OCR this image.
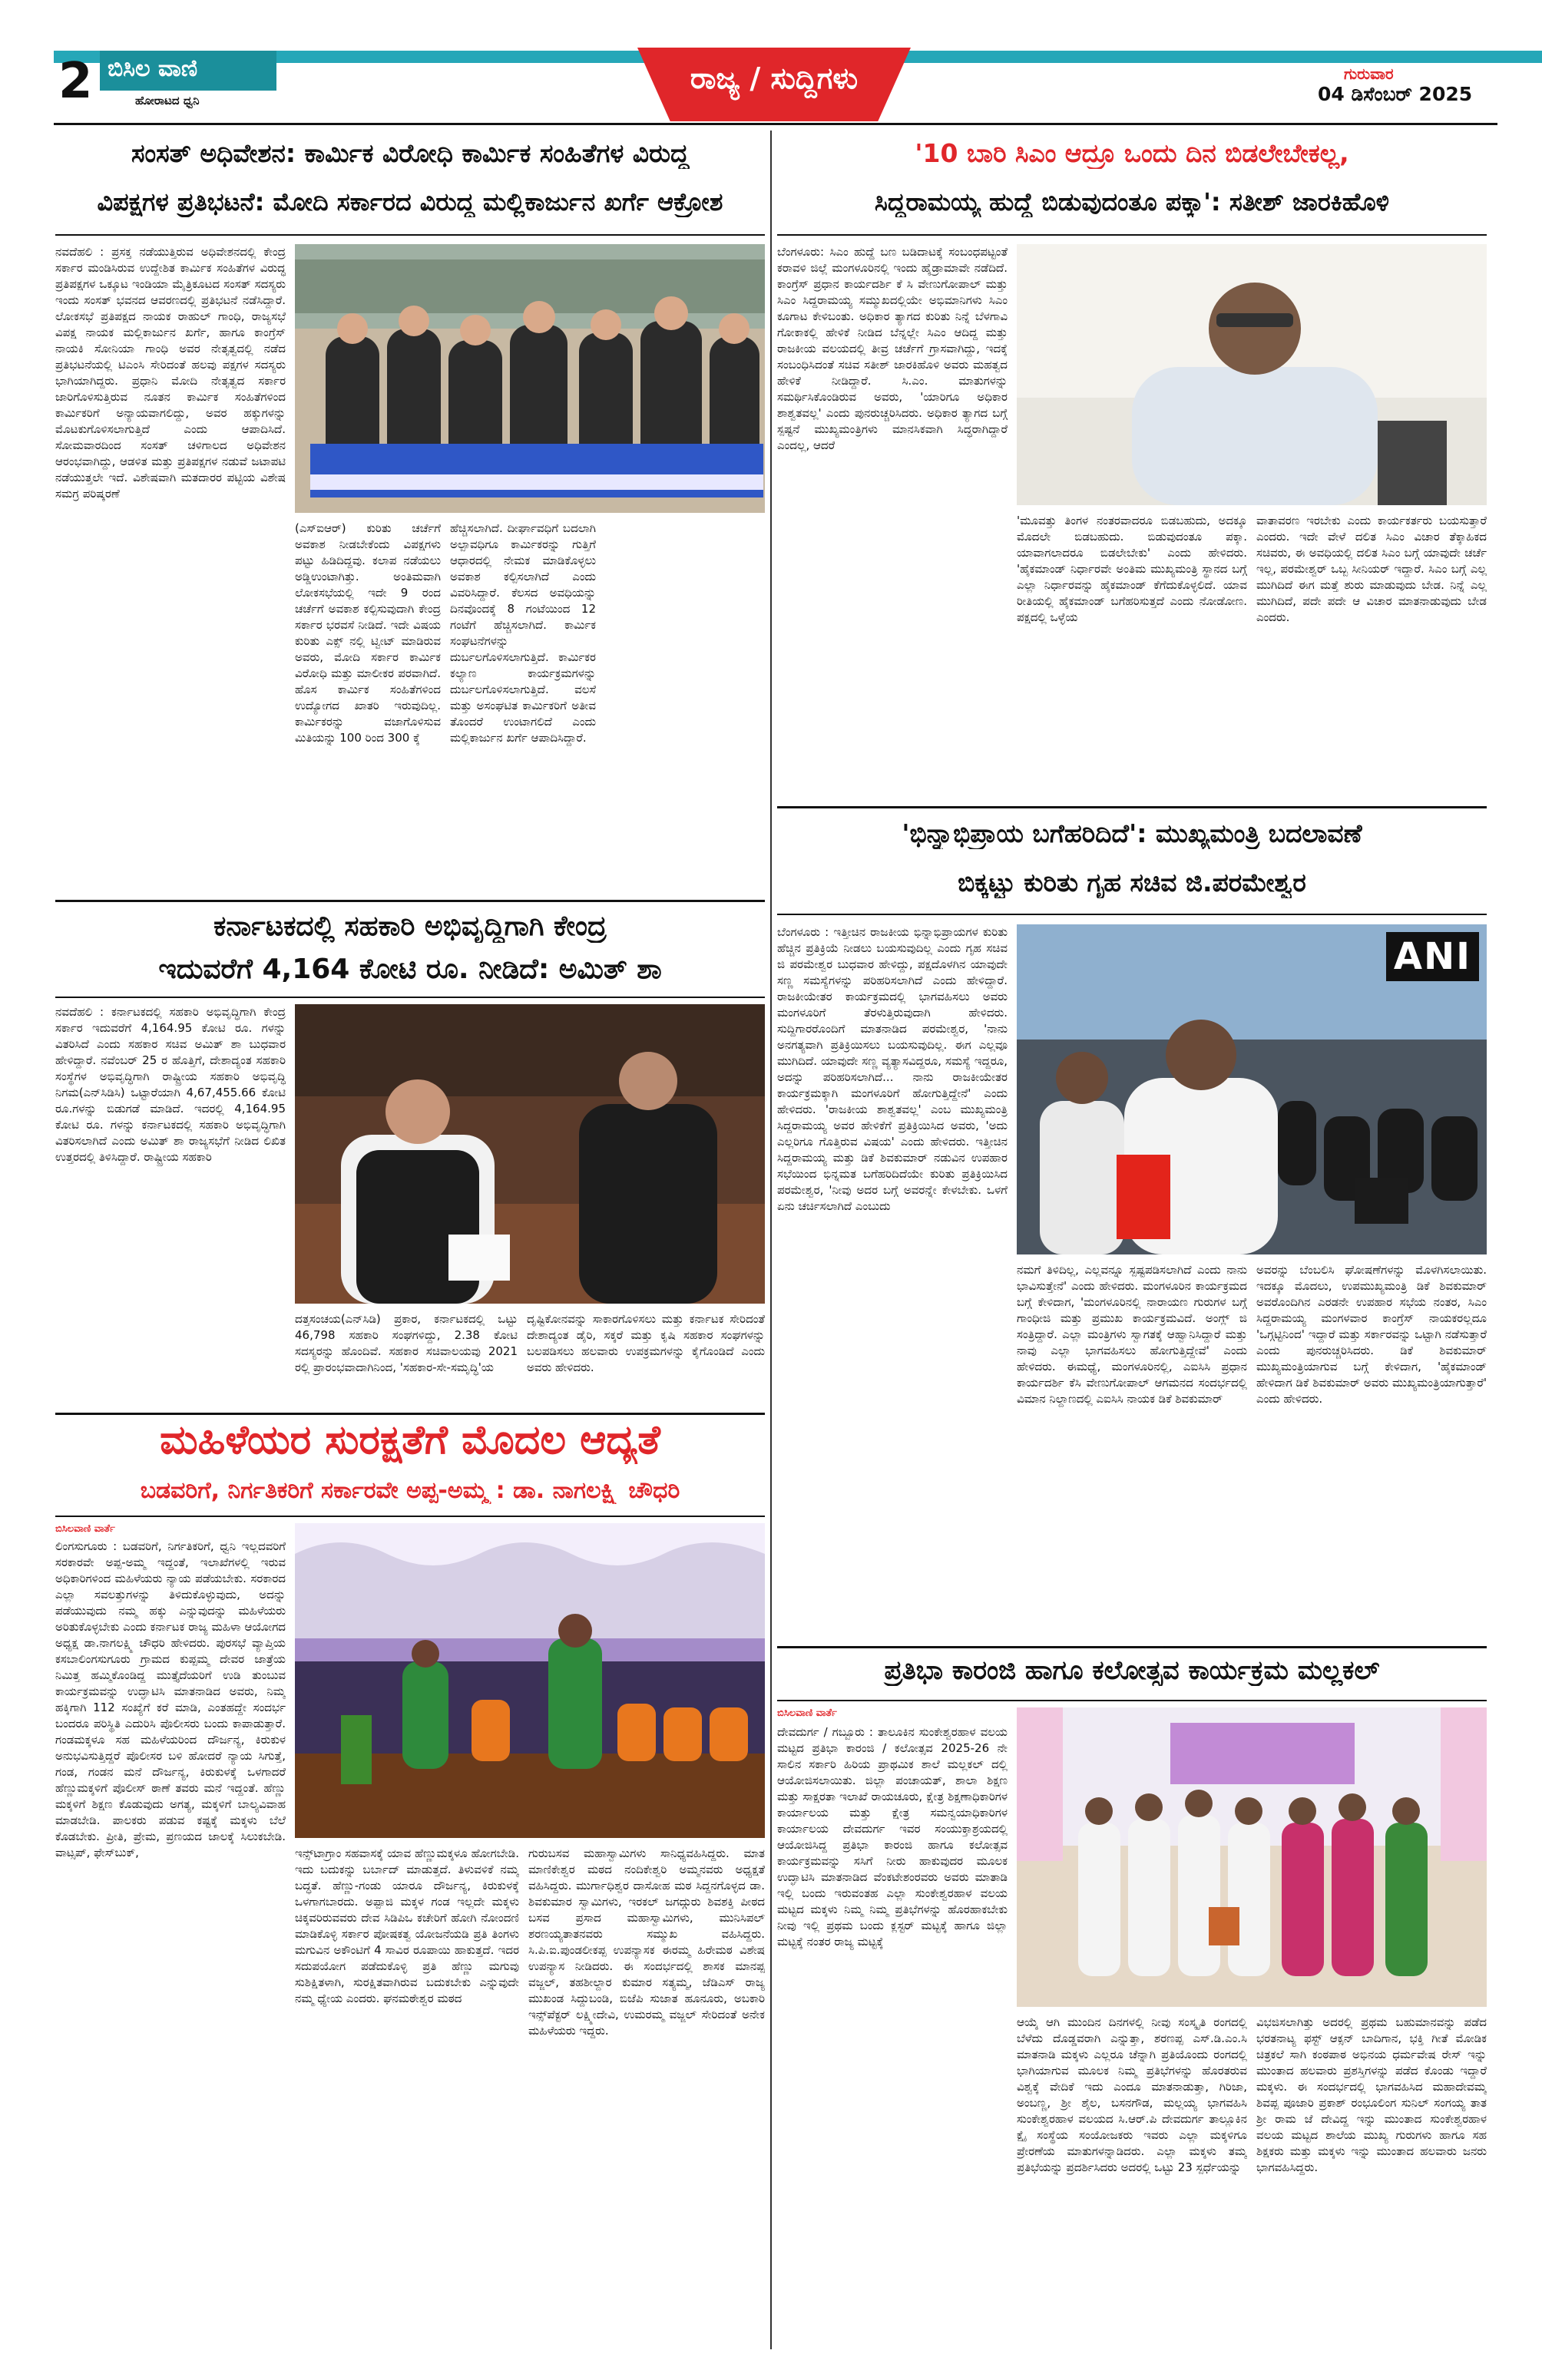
2 ಬಿಸಿಲ ವಾಣಿ
ಹೋರಾಟದ ಧ್ವನಿ
ರಾಜ್ಯ / ಸುದ್ದಿಗಳು	ಗುರುವಾರ
04 ಡಿಸೆಂಬರ್ 2025
ಸಂಸತ್ ಅಧಿವೇಶನ: ಕಾರ್ಮಿಕ ವಿರೋಧಿ ಕಾರ್ಮಿಕ ಸಂಹಿತೆಗಳ ವಿರುದ್ಧ
ವಿಪಕ್ಷಗಳ ಪ್ರತಿಭಟನೆ: ಮೋದಿ ಸರ್ಕಾರದ ವಿರುದ್ಧ ಮಲ್ಲಿಕಾರ್ಜುನ ಖರ್ಗೆ ಆಕ್ರೋಶ
ನವದೆಹಲಿ : ಪ್ರಸಕ್ತ ನಡೆಯುತ್ತಿರುವ ಅಧಿವೇಶನದಲ್ಲಿ ಕೇಂದ್ರ ಸರ್ಕಾರ ಮಂಡಿಸಿರುವ ಉದ್ದೇಶಿತ ಕಾರ್ಮಿಕ ಸಂಹಿತೆಗಳ ವಿರುದ್ಧ ಪ್ರತಿಪಕ್ಷಗಳ ಒಕ್ಕೂಟ ಇಂಡಿಯಾ ಮೈತ್ರಿಕೂಟದ ಸಂಸತ್ ಸದಸ್ಯರು ಇಂದು ಸಂಸತ್ ಭವನದ ಆವರಣದಲ್ಲಿ ಪ್ರತಿಭಟನೆ ನಡೆಸಿದ್ದಾರೆ. ಲೋಕಸಭೆ ಪ್ರತಿಪಕ್ಷದ ನಾಯಕ ರಾಹುಲ್ ಗಾಂಧಿ, ರಾಜ್ಯಸಭೆ ವಿಪಕ್ಷ ನಾಯಕ ಮಲ್ಲಿಕಾರ್ಜುನ ಖರ್ಗೆ, ಹಾಗೂ ಕಾಂಗ್ರೆಸ್ ನಾಯಕಿ ಸೋನಿಯಾ ಗಾಂಧಿ ಅವರ ನೇತೃತ್ವದಲ್ಲಿ ನಡೆದ ಪ್ರತಿಭಟನೆಯಲ್ಲಿ ಟಿಎಂಸಿ ಸೇರಿದಂತೆ ಹಲವು ಪಕ್ಷಗಳ ಸದಸ್ಯರು ಭಾಗಿಯಾಗಿದ್ದರು. ಪ್ರಧಾನಿ ಮೋದಿ ನೇತೃತ್ವದ ಸರ್ಕಾರ ಜಾರಿಗೊಳಿಸುತ್ತಿರುವ ನೂತನ ಕಾರ್ಮಿಕ ಸಂಹಿತೆಗಳಿಂದ ಕಾರ್ಮಿಕರಿಗೆ ಅನ್ಯಾಯವಾಗಲಿದ್ದು, ಅವರ ಹಕ್ಕುಗಳನ್ನು ಮೊಟಕುಗೊಳಿಸಲಾಗುತ್ತಿದೆ ಎಂದು ಆಪಾದಿಸಿದೆ. ಸೋಮವಾರದಿಂದ ಸಂಸತ್ ಚಳಿಗಾಲದ ಅಧಿವೇಶನ ಆರಂಭವಾಗಿದ್ದು, ಆಡಳಿತ ಮತ್ತು ಪ್ರತಿಪಕ್ಷಗಳ ನಡುವೆ ಜಟಾಪಟಿ ನಡೆಯುತ್ತಲೇ ಇದೆ. ವಿಶೇಷವಾಗಿ ಮತದಾರರ ಪಟ್ಟಿಯ ವಿಶೇಷ ಸಮಗ್ರ ಪರಿಷ್ಕರಣೆ
(ಎಸ್‌ಐಆರ್) ಕುರಿತು ಚರ್ಚೆಗೆ ಅವಕಾಶ ನೀಡಬೇಕೆಂದು ವಿಪಕ್ಷಗಳು ಪಟ್ಟು ಹಿಡಿದಿದ್ದವು. ಕಲಾಪ ನಡೆಯಲು ಅಡ್ಡಿಉಂಟಾಗಿತ್ತು. ಅಂತಿಮವಾಗಿ ಲೋಕಸಭೆಯಲ್ಲಿ ಇದೇ 9 ರಂದ ಚರ್ಚೆಗೆ ಅವಕಾಶ ಕಲ್ಪಿಸುವುದಾಗಿ ಕೇಂದ್ರ ಸರ್ಕಾರ ಭರವಸೆ ನೀಡಿದೆ. ಇದೇ ವಿಷಯ ಕುರಿತು ಎಕ್ಸ್ ನಲ್ಲಿ ಟ್ವೀಟ್ ಮಾಡಿರುವ ಅವರು, ಮೋದಿ ಸರ್ಕಾರ ಕಾರ್ಮಿಕ ವಿರೋಧಿ ಮತ್ತು ಮಾಲೀಕರ ಪರವಾಗಿದೆ. ಹೊಸ ಕಾರ್ಮಿಕ ಸಂಹಿತೆಗಳಿಂದ ಉದ್ಯೋಗದ ಖಾತರಿ ಇರುವುದಿಲ್ಲ. ಕಾರ್ಮಿಕರನ್ನು ವಜಾಗೊಳಿಸುವ ಮಿತಿಯನ್ನು 100 ರಿಂದ 300 ಕ್ಕೆ
ಹೆಚ್ಚಿಸಲಾಗಿದೆ. ದೀರ್ಘಾವಧಿಗೆ ಬದಲಾಗಿ ಅಲ್ಪಾವಧಿಗೂ ಕಾರ್ಮಿಕರನ್ನು ಗುತ್ತಿಗೆ ಆಧಾರದಲ್ಲಿ ನೇಮಕ ಮಾಡಿಕೊಳ್ಳಲು ಅವಕಾಶ ಕಲ್ಪಿಸಲಾಗಿದೆ ಎಂದು ವಿವರಿಸಿದ್ದಾರೆ. ಕೆಲಸದ ಅವಧಿಯನ್ನು ದಿನವೊಂದಕ್ಕೆ 8 ಗಂಟೆಯಿಂದ 12 ಗಂಟೆಗೆ ಹೆಚ್ಚಿಸಲಾಗಿದೆ. ಕಾರ್ಮಿಕ ಸಂಘಟನೆಗಳನ್ನು ದುರ್ಬಲಗೊಳಿಸಲಾಗುತ್ತಿದೆ. ಕಾರ್ಮಿಕರ ಕಲ್ಯಾಣ ಕಾರ್ಯಕ್ರಮಗಳನ್ನು ದುರ್ಬಲಗೊಳಿಸಲಾಗುತ್ತಿದೆ. ವಲಸೆ ಮತ್ತು ಅಸಂಘಟಿತ ಕಾರ್ಮಿಕರಿಗೆ ಅತೀವ ತೊಂದರೆ ಉಂಟಾಗಲಿದೆ ಎಂದು ಮಲ್ಲಿಕಾರ್ಜುನ ಖರ್ಗೆ ಆಪಾದಿಸಿದ್ದಾರೆ.
ಕರ್ನಾಟಕದಲ್ಲಿ ಸಹಕಾರಿ ಅಭಿವೃದ್ಧಿಗಾಗಿ ಕೇಂದ್ರ
ಇದುವರೆಗೆ 4,164 ಕೋಟಿ ರೂ. ನೀಡಿದೆ: ಅಮಿತ್ ಶಾ
ನವದೆಹಲಿ : ಕರ್ನಾಟಕದಲ್ಲಿ ಸಹಕಾರಿ ಅಭಿವೃದ್ಧಿಗಾಗಿ ಕೇಂದ್ರ ಸರ್ಕಾರ ಇದುವರೆಗೆ 4,164.95 ಕೋಟಿ ರೂ. ಗಳನ್ನು ವಿತರಿಸಿದೆ ಎಂದು ಸಹಕಾರ ಸಚಿವ ಅಮಿತ್ ಶಾ ಬುಧವಾರ ಹೇಳಿದ್ದಾರೆ. ನವೆಂಬರ್ 25 ರ ಹೊತ್ತಿಗೆ, ದೇಶಾದ್ಯಂತ ಸಹಕಾರಿ ಸಂಸ್ಥೆಗಳ ಅಭಿವೃದ್ಧಿಗಾಗಿ ರಾಷ್ಟ್ರೀಯ ಸಹಕಾರಿ ಅಭಿವೃದ್ಧಿ ನಿಗಮ(ಎನ್‌ಸಿಡಿಸಿ) ಒಟ್ಟಾರೆಯಾಗಿ 4,67,455.66 ಕೋಟಿ ರೂ.ಗಳನ್ನು ಬಿಡುಗಡೆ ಮಾಡಿದೆ. ಇದರಲ್ಲಿ 4,164.95 ಕೋಟಿ ರೂ. ಗಳನ್ನು ಕರ್ನಾಟಕದಲ್ಲಿ ಸಹಕಾರಿ ಅಭಿವೃದ್ಧಿಗಾಗಿ ವಿತರಿಸಲಾಗಿದೆ ಎಂದು ಅಮಿತ್ ಶಾ ರಾಜ್ಯಸಭೆಗೆ ನೀಡಿದ ಲಿಖಿತ ಉತ್ತರದಲ್ಲಿ ತಿಳಿಸಿದ್ದಾರೆ. ರಾಷ್ಟ್ರೀಯ ಸಹಕಾರಿ
ದತ್ತಸಂಚಯ(ಎನ್‌ಸಿಡಿ) ಪ್ರಕಾರ, ಕರ್ನಾಟಕದಲ್ಲಿ ಒಟ್ಟು 46,798 ಸಹಕಾರಿ ಸಂಘಗಳಿದ್ದು, 2.38 ಕೋಟಿ ಸದಸ್ಯರನ್ನು ಹೊಂದಿವೆ. ಸಹಕಾರ ಸಚಿವಾಲಯವು 2021 ರಲ್ಲಿ ಪ್ರಾರಂಭವಾದಾಗಿನಿಂದ, 'ಸಹಕಾರ-ಸೇ-ಸಮೃದ್ಧಿ'ಯ
ದೃಷ್ಟಿಕೋನವನ್ನು ಸಾಕಾರಗೊಳಿಸಲು ಮತ್ತು ಕರ್ನಾಟಕ ಸೇರಿದಂತೆ ದೇಶಾದ್ಯಂತ ಡೈರಿ, ಸಕ್ಕರೆ ಮತ್ತು ಕೃಷಿ ಸಹಕಾರ ಸಂಘಗಳನ್ನು ಬಲಪಡಿಸಲು ಹಲವಾರು ಉಪಕ್ರಮಗಳನ್ನು ಕೈಗೊಂಡಿದೆ ಎಂದು ಅವರು ಹೇಳಿದರು.
ಮಹಿಳೆಯರ ಸುರಕ್ಷತೆಗೆ ಮೊದಲ ಆದ್ಯತೆ
ಬಡವರಿಗೆ, ನಿರ್ಗತಿಕರಿಗೆ ಸರ್ಕಾರವೇ ಅಪ್ಪ-ಅಮ್ಮ : ಡಾ. ನಾಗಲಕ್ಷ್ಮಿ ಚೌಧರಿ
ಬಿಸಿಲವಾಣಿ ವಾರ್ತೆ
ಲಿಂಗಸುಗೂರು : ಬಡವರಿಗೆ, ನಿರ್ಗತಿಕರಿಗೆ, ಧ್ವನಿ ಇಲ್ಲದವರಿಗೆ ಸರಕಾರವೇ ಅಪ್ಪ-ಅಮ್ಮ ಇದ್ದಂತೆ, ಇಲಾಖೆಗಳಲ್ಲಿ ಇರುವ ಅಧಿಕಾರಿಗಳಿಂದ ಮಹಿಳೆಯರು ನ್ಯಾಯ ಪಡೆಯಬೇಕು. ಸರಕಾರದ ಎಲ್ಲಾ ಸವಲತ್ತುಗಳನ್ನು ತಿಳಿದುಕೊಳ್ಳುವುದು, ಅದನ್ನು ಪಡೆಯುವುದು ನಮ್ಮ ಹಕ್ಕು ಎನ್ನುವುದನ್ನು ಮಹಿಳೆಯರು ಅರಿತುಕೊಳ್ಳಬೇಕು ಎಂದು ಕರ್ನಾಟಕ ರಾಜ್ಯ ಮಹಿಳಾ ಆಯೋಗದ ಅಧ್ಯಕ್ಷ ಡಾ.ನಾಗಲಕ್ಷ್ಮಿ ಚೌಧರಿ ಹೇಳಿದರು. ಪುರಸಭೆ ವ್ಯಾಪ್ತಿಯ ಕಸಬಾಲಿಂಗಸುಗೂರು ಗ್ರಾಮದ ಕುಪ್ಪಮ್ಮ ದೇವರ ಜಾತ್ರೆಯ ನಿಮಿತ್ತ ಹಮ್ಮಿಕೊಂಡಿದ್ದ ಮುತ್ತೈದೆಯರಿಗೆ ಉಡಿ ತುಂಬುವ ಕಾರ್ಯಕ್ರಮವನ್ನು ಉದ್ಘಾಟಿಸಿ ಮಾತನಾಡಿದ ಅವರು, ನಿಮ್ಮ ಹಕ್ಕಿಗಾಗಿ 112 ಸಂಖ್ಯೆಗೆ ಕರೆ ಮಾಡಿ, ಎಂತಹದ್ದೇ ಸಂದರ್ಭ ಬಂದರೂ ಪರಿಸ್ಥಿತಿ ಎದುರಿಸಿ ಪೊಲೀಸರು ಬಂದು ಕಾಪಾಡುತ್ತಾರೆ. ಗಂಡಮಕ್ಕಳೂ ಸಹ ಮಹಿಳೆಯರಿಂದ ದೌರ್ಜನ್ಯ, ಕಿರುಕುಳ ಅನುಭವಿಸುತ್ತಿದ್ದರೆ ಪೊಲೀಸರ ಬಳಿ ಹೋದರೆ ನ್ಯಾಯ ಸಿಗುತ್ತೆ, ಗಂಡ, ಗಂಡನ ಮನೆ ದೌರ್ಜನ್ಯ, ಕಿರುಕುಳಕ್ಕೆ ಒಳಗಾದರೆ ಹೆಣ್ಣುಮಕ್ಕಳಿಗೆ ಪೊಲೀಸ್ ಠಾಣೆ ತವರು ಮನೆ ಇದ್ದಂತೆ. ಹೆಣ್ಣು ಮಕ್ಕಳಿಗೆ ಶಿಕ್ಷಣ ಕೊಡುವುದು ಅಗತ್ಯ, ಮಕ್ಕಳಿಗೆ ಬಾಲ್ಯವಿವಾಹ ಮಾಡಬೇಡಿ. ಪಾಲಕರು ಪಡುವ ಕಷ್ಟಕ್ಕೆ ಮಕ್ಕಳು ಬೆಲೆ ಕೊಡಬೇಕು. ಪ್ರೀತಿ, ಪ್ರೇಮ, ಪ್ರಣಯದ ಜಾಲಕ್ಕೆ ಸಿಲುಕಬೇಡಿ. ವಾಟ್ಸಪ್, ಫೇಸ್‌ಬುಕ್,	ಇನ್ಸ್‌ಟಾಗ್ರಾಂ ಸಹವಾಸಕ್ಕೆ ಯಾವ ಹೆಣ್ಣುಮಕ್ಕಳೂ ಹೋಗಬೇಡಿ. ಇದು ಬದುಕನ್ನು ಬರ್ಬಾದ್ ಮಾಡುತ್ತದೆ. ತಿಳುವಳಿಕೆ ನಮ್ಮ ಬದ್ಧತೆ. ಹೆಣ್ಣು-ಗಂಡು ಯಾರೂ ದೌರ್ಜನ್ಯ, ಕಿರುಕುಳಕ್ಕೆ ಒಳಗಾಗಬಾರದು. ಅಪ್ಪಾಜಿ ಮಕ್ಕಳ ಗಂಡ ಇಲ್ಲದೇ ಮಕ್ಕಳು ಚಿಕ್ಕವರಿರುವವರು ದೇವ ಸಿಡಿಪಿಒ ಕಚೇರಿಗೆ ಹೋಗಿ ನೋಂದಣಿ ಮಾಡಿಕೊಳ್ಳಿ ಸರ್ಕಾರ ಪೋಷಕತ್ವ ಯೋಜನೆಯಡಿ ಪ್ರತಿ ತಿಂಗಳು ಮಗುವಿನ ಅಕೌಂಟಿಗೆ 4 ಸಾವಿರ ರೂಪಾಯಿ ಹಾಕುತ್ತದೆ. ಇದರ ಸದುಪಯೋಗ ಪಡೆದುಕೊಳ್ಳಿ ಪ್ರತಿ ಹೆಣ್ಣು ಮಗುವು ಸುಶಿಕ್ಷಿತಳಾಗಿ, ಸುರಕ್ಷಿತವಾಗಿರುವ ಬದುಕಬೇಕು ಎನ್ನುವುದೇ ನಮ್ಮ ಧ್ಯೇಯ ಎಂದರು. ಘನಮಠೇಶ್ವರ ಮಠದ
ಗುರುಬಸವ ಮಹಾಸ್ವಾಮಿಗಳು ಸಾನಿಧ್ಯವಹಿಸಿದ್ದರು. ಮಾತ ಮಾಣಿಕೇಶ್ವರ ಮಠದ ನಂದಿಕೇಶ್ವರಿ ಅಮ್ಮನವರು ಅಧ್ಯಕ್ಷತೆ ವಹಿಸಿದ್ದರು. ಮುರ್ಗಾಧಿಶ್ವರ ದಾಸೋಹ ಮಠ ಸಿದ್ದನಗೊಳ್ಳದ ಡಾ. ಶಿವಕುಮಾರ ಸ್ವಾಮಿಗಳು, ಇರಕಲ್ ಜಗದ್ಗುರು ಶಿವಶಕ್ತಿ ಪೀಠದ ಬಸವ ಪ್ರಸಾದ ಮಹಾಸ್ವಾಮಿಗಳು, ಮುನಿಸಿಪಲ್ ಶರಣಯ್ಯತಾತನವರು ಸಮ್ಮುಖ ವಹಿಸಿದ್ದರು. ಸಿ.ಪಿ.ಐ.ಪುಂಡಲೀಕಪ್ಪ ಉಪನ್ಯಾಸಕ ಈರಮ್ಮ ಹಿರೇಮಠ ವಿಶೇಷ ಉಪನ್ಯಾಸ ನೀಡಿದರು. ಈ ಸಂದರ್ಭದಲ್ಲಿ ಶಾಸಕ ಮಾನಪ್ಪ ವಜ್ಜಲ್, ತಹಶೀಲ್ದಾರ ಕುಮಾರ ಸತ್ಯಮ್ಮ, ಜೆಡಿಎಸ್ ರಾಜ್ಯ ಮುಖಂಡ ಸಿದ್ದುಬಂಡಿ, ಬಿಜೆಪಿ ಸುಜಾತ ಹೂನೂರು, ಅಬಕಾರಿ ಇನ್ಸ್‌ಪೆಕ್ಟರ್ ಲಕ್ಷ್ಮೀದೇವಿ, ಉಮರಮ್ಮ ವಜ್ಜಲ್ ಸೇರಿದಂತೆ ಅನೇಕ ಮಹಿಳೆಯರು ಇದ್ದರು.
'10 ಬಾರಿ ಸಿಎಂ ಆದ್ರೂ ಒಂದು ದಿನ ಬಿಡಲೇಬೇಕಲ್ಲ,
ಸಿದ್ದರಾಮಯ್ಯ ಹುದ್ದೆ ಬಿಡುವುದಂತೂ ಪಕ್ಕಾ': ಸತೀಶ್ ಜಾರಕಿಹೊಳಿ
ಬೆಂಗಳೂರು: ಸಿಎಂ ಹುದ್ದೆ ಬಣ ಬಡಿದಾಟಕ್ಕೆ ಸಂಬಂಧಪಟ್ಟಂತೆ ಕರಾವಳಿ ಜಿಲ್ಲೆ ಮಂಗಳೂರಿನಲ್ಲಿ ಇಂದು ಹೈಡ್ರಾಮಾವೇ ನಡೆದಿದೆ. ಕಾಂಗ್ರೆಸ್ ಪ್ರಧಾನ ಕಾರ್ಯದರ್ಶಿ ಕೆ ಸಿ ವೇಣುಗೋಪಾಲ್ ಮತ್ತು ಸಿಎಂ ಸಿದ್ದರಾಮಯ್ಯ ಸಮ್ಮುಖದಲ್ಲಿಯೇ ಅಭಿಮಾನಿಗಳು ಸಿಎಂ ಕೂಗಾಟ ಕೇಳಿಬಂತು. ಅಧಿಕಾರ ತ್ಯಾಗದ ಕುರಿತು ನಿನ್ನೆ ಬೆಳಗಾವಿ ಗೋಕಾಕಲ್ಲಿ ಹೇಳಿಕೆ ನೀಡಿದ ಬೆನ್ನಲ್ಲೇ ಸಿಎಂ ಆದಿದ್ದ ಮತ್ತು ರಾಜಕೀಯ ವಲಯದಲ್ಲಿ ತೀವ್ರ ಚರ್ಚೆಗೆ ಗ್ರಾಸವಾಗಿದ್ದು, ಇದಕ್ಕೆ ಸಂಬಂಧಿಸಿದಂತೆ ಸಚಿವ ಸತೀಶ್ ಜಾರಕಿಹೊಳಿ ಅವರು ಮಹತ್ವದ ಹೇಳಿಕೆ ನೀಡಿದ್ದಾರೆ. ಸಿ.ಎಂ. ಮಾತುಗಳನ್ನು ಸಮರ್ಥಿಸಿಕೊಂಡಿರುವ ಅವರು, 'ಯಾರಿಗೂ ಅಧಿಕಾರ ಶಾಶ್ವತವಲ್ಲ' ಎಂದು ಪುನರುಚ್ಚರಿಸಿದರು. ಅಧಿಕಾರ ತ್ಯಾಗದ ಬಗ್ಗೆ ಸ್ಪಷ್ಟನೆ ಮುಖ್ಯಮಂತ್ರಿಗಳು ಮಾನಸಿಕವಾಗಿ ಸಿದ್ಧರಾಗಿದ್ದಾರೆ ಎಂದಲ್ಲ, ಆದರೆ
'ಮೂವತ್ತು ತಿಂಗಳ ನಂತರವಾದರೂ ಬಿಡಬಹುದು, ಅದಕ್ಕೂ ಮೊದಲೇ ಬಿಡಬಹುದು. ಬಿಡುವುದಂತೂ ಪಕ್ಕಾ. ಯಾವಾಗಲಾದರೂ ಬಿಡಲೇಬೇಕು' ಎಂದು ಹೇಳಿದರು. 'ಹೈಕಮಾಂಡ್ ನಿರ್ಧಾರವೇ ಅಂತಿಮ ಮುಖ್ಯಮಂತ್ರಿ ಸ್ಥಾನದ ಬಗ್ಗೆ ಎಲ್ಲಾ ನಿರ್ಧಾರವನ್ನು ಹೈಕಮಾಂಡ್ ಕೆಗೆದುಕೊಳ್ಳಲಿದೆ. ಯಾವ ರೀತಿಯಲ್ಲಿ ಹೈಕಮಾಂಡ್ ಬಗೆಹರಿಸುತ್ತದೆ ಎಂದು ನೋಡೋಣ. ಪಕ್ಷದಲ್ಲಿ ಒಳ್ಳೆಯ
ವಾತಾವರಣ ಇರಬೇಕು ಎಂದು ಕಾರ್ಯಕರ್ತರು ಬಯಸುತ್ತಾರೆ ಎಂದರು. ಇದೇ ವೇಳೆ ದಲಿತ ಸಿಎಂ ವಿಚಾರ ತೆಕ್ಕಾಹಿಕದ ಸಚಿವರು, ಈ ಅವಧಿಯಲ್ಲಿ ದಲಿತ ಸಿಎಂ ಬಗ್ಗೆ ಯಾವುದೇ ಚರ್ಚೆ ಇಲ್ಲ, ಪರಮೇಶ್ವರ್ ಒಬ್ಬ ಸೀನಿಯರ್ ಇದ್ದಾರೆ. ಸಿಎಂ ಬಗ್ಗೆ ಎಲ್ಲ ಮುಗಿದಿದೆ ಈಗ ಮತ್ತೆ ಶುರು ಮಾಡುವುದು ಬೇಡ. ನಿನ್ನೆ ಎಲ್ಲ ಮುಗಿದಿದೆ, ಪದೇ ಪದೇ ಆ ವಿಚಾರ ಮಾತನಾಡುವುದು ಬೇಡ ಎಂದರು.
'ಭಿನ್ನಾಭಿಪ್ರಾಯ ಬಗೆಹರಿದಿದೆ': ಮುಖ್ಯಮಂತ್ರಿ ಬದಲಾವಣೆ
ಬಿಕ್ಕಟ್ಟು ಕುರಿತು ಗೃಹ ಸಚಿವ ಜಿ.ಪರಮೇಶ್ವರ
ಬೆಂಗಳೂರು : ಇತ್ತೀಚಿನ ರಾಜಕೀಯ ಭಿನ್ನಾಭಿಪ್ರಾಯಗಳ ಕುರಿತು ಹೆಚ್ಚಿನ ಪ್ರತಿಕ್ರಿಯೆ ನೀಡಲು ಬಯಸುವುದಿಲ್ಲ ಎಂದು ಗೃಹ ಸಚಿವ ಜಿ ಪರಮೇಶ್ವರ ಬುಧವಾರ ಹೇಳಿದ್ದು, ಪಕ್ಷದೊಳಗಿನ ಯಾವುದೇ ಸಣ್ಣ ಸಮಸ್ಯೆಗಳನ್ನು ಪರಿಹರಿಸಲಾಗಿದೆ ಎಂದು ಹೇಳಿದ್ದಾರೆ. ರಾಜಕೀಯೇತರ ಕಾರ್ಯಕ್ರಮದಲ್ಲಿ ಭಾಗವಹಿಸಲು ಅವರು ಮಂಗಳೂರಿಗೆ ತೆರಳುತ್ತಿರುವುದಾಗಿ ಹೇಳಿದರು. ಸುದ್ದಿಗಾರರೊಂದಿಗೆ ಮಾತನಾಡಿದ ಪರಮೇಶ್ವರ, 'ನಾನು ಅನಗತ್ಯವಾಗಿ ಪ್ರತಿಕ್ರಿಯಿಸಲು ಬಯಸುವುದಿಲ್ಲ. ಈಗ ಎಲ್ಲವೂ ಮುಗಿದಿದೆ. ಯಾವುದೇ ಸಣ್ಣ ವ್ಯತ್ಯಾಸವಿದ್ದರೂ, ಸಮಸ್ಯೆ ಇದ್ದರೂ, ಅದನ್ನು ಪರಿಹರಿಸಲಾಗಿದೆ... ನಾನು ರಾಜಕೀಯೇತರ ಕಾರ್ಯಕ್ರಮಕ್ಕಾಗಿ ಮಂಗಳೂರಿಗೆ ಹೋಗುತ್ತಿದ್ದೇನೆ' ಎಂದು ಹೇಳಿದರು. 'ರಾಜಕೀಯ ಶಾಶ್ವತವಲ್ಲ' ಎಂಬ ಮುಖ್ಯಮಂತ್ರಿ ಸಿದ್ದರಾಮಯ್ಯ ಅವರ ಹೇಳಿಕೆಗೆ ಪ್ರತಿಕ್ರಿಯಿಸಿದ ಅವರು, 'ಅದು ಎಲ್ಲರಿಗೂ ಗೊತ್ತಿರುವ ವಿಷಯ' ಎಂದು ಹೇಳಿದರು. ಇತ್ತೀಚಿನ ಸಿದ್ದರಾಮಯ್ಯ ಮತ್ತು ಡಿಕೆ ಶಿವಕುಮಾರ್ ನಡುವಿನ ಉಪಹಾರ ಸಭೆಯಿಂದ ಭಿನ್ನಮತ ಬಗೆಹರಿದಿದೆಯೇ ಕುರಿತು ಪ್ರತಿಕ್ರಿಯಿಸಿದ ಪರಮೇಶ್ವರ, 'ನೀವು ಅದರ ಬಗ್ಗೆ ಅವರನ್ನೇ ಕೇಳಬೇಕು. ಒಳಗೆ ಏನು ಚರ್ಚಿಸಲಾಗಿದೆ ಎಂಬುದು
ANI
ನಮಗೆ ತಿಳಿದಿಲ್ಲ, ಎಲ್ಲವನ್ನೂ ಸ್ಪಷ್ಟಪಡಿಸಲಾಗಿದೆ ಎಂದು ನಾನು ಭಾವಿಸುತ್ತೇನೆ' ಎಂದು ಹೇಳಿದರು. ಮಂಗಳೂರಿನ ಕಾರ್ಯಕ್ರಮದ ಬಗ್ಗೆ ಕೇಳಿದಾಗ, 'ಮಂಗಳೂರಿನಲ್ಲಿ ನಾರಾಯಣ ಗುರುಗಳ ಬಗ್ಗೆ ಗಾಂಧೀಜಿ ಮತ್ತು ಪ್ರಮುಖ ಕಾರ್ಯಕ್ರಮವಿದೆ. ಅಂಗ್ಲ್ ಜಿ ಸಂತ್ರಿದ್ದಾರೆ. ಎಲ್ಲಾ ಮಂತ್ರಿಗಳು ಸ್ವಾಗತಕ್ಕೆ ಆಹ್ವಾನಿಸಿದ್ದಾರೆ ಮತ್ತು ನಾವು ಎಲ್ಲಾ ಭಾಗವಹಿಸಲು ಹೋಗುತ್ತಿದ್ದೇವೆ' ಎಂದು ಹೇಳಿದರು. ಈಮಧ್ಯೆ, ಮಂಗಳೂರಿನಲ್ಲಿ, ಎಐಸಿಸಿ ಪ್ರಧಾನ ಕಾರ್ಯದರ್ಶಿ ಕೆಸಿ ವೇಣುಗೋಪಾಲ್ ಆಗಮನದ ಸಂದರ್ಭದಲ್ಲಿ ವಿಮಾನ ನಿಲ್ದಾಣದಲ್ಲಿ ಎಐಸಿಸಿ ನಾಯಕ ಡಿಕೆ ಶಿವಕುಮಾರ್
ಅವರನ್ನು ಬೆಂಬಲಿಸಿ ಘೋಷಣೆಗಳನ್ನು ಮೊಳಗಿಸಲಾಯಿತು. ಇದಕ್ಕೂ ಮೊದಲು, ಉಪಮುಖ್ಯಮಂತ್ರಿ ಡಿಕೆ ಶಿವಕುಮಾರ್ ಅವರೊಂದಿಗಿನ ಎರಡನೇ ಉಪಹಾರ ಸಭೆಯ ನಂತರ, ಸಿಎಂ ಸಿದ್ದರಾಮಯ್ಯ ಮಂಗಳವಾರ ಕಾಂಗ್ರೆಸ್ ನಾಯಕರಲ್ಲದೂ 'ಒಗ್ಗಟ್ಟಿನಿಂದ' ಇದ್ದಾರೆ ಮತ್ತು ಸರ್ಕಾರವನ್ನು ಒಟ್ಟಾಗಿ ನಡೆಸುತ್ತಾರೆ ಎಂದು ಪುನರುಚ್ಚರಿಸಿದರು. ಡಿಕೆ ಶಿವಕುಮಾರ್ ಮುಖ್ಯಮಂತ್ರಿಯಾಗುವ ಬಗ್ಗೆ ಕೇಳಿದಾಗ, 'ಹೈಕಮಾಂಡ್ ಹೇಳಿದಾಗ ಡಿಕೆ ಶಿವಕುಮಾರ್ ಅವರು ಮುಖ್ಯಮಂತ್ರಿಯಾಗುತ್ತಾರೆ' ಎಂದು ಹೇಳಿದರು.
ಪ್ರತಿಭಾ ಕಾರಂಜಿ ಹಾಗೂ ಕಲೋತ್ಸವ ಕಾರ್ಯಕ್ರಮ ಮಲ್ಲಕಲ್
ಬಿಸಿಲವಾಣಿ ವಾರ್ತೆ
ದೇವದುರ್ಗ / ಗಬ್ಬೂರು : ತಾಲೂಕಿನ ಸುಂಕೇಶ್ವರಹಾಳ ವಲಯ ಮಟ್ಟದ ಪ್ರತಿಭಾ ಕಾರಂಜಿ / ಕಲೋತ್ಸವ 2025-26 ನೇ ಸಾಲಿನ ಸರ್ಕಾರಿ ಹಿರಿಯ ಪ್ರಾಥಮಿಕ ಶಾಲೆ ಮಲ್ಲಕಲ್ ದಲ್ಲಿ ಆಯೋಜಿಸಲಾಯಿತು. ಜಿಲ್ಲಾ ಪಂಚಾಯತ್, ಶಾಲಾ ಶಿಕ್ಷಣ ಮತ್ತು ಸಾಕ್ಷರತಾ ಇಲಾಖೆ ರಾಯಚೂರು, ಕ್ಷೇತ್ರ ಶಿಕ್ಷಣಾಧಿಕಾರಿಗಳ ಕಾರ್ಯಾಲಯ ಮತ್ತು ಕ್ಷೇತ್ರ ಸಮನ್ವಯಾಧಿಕಾರಿಗಳ ಕಾರ್ಯಾಲಯ ದೇವದುರ್ಗ ಇವರ ಸಂಯುಕ್ತಾಶ್ರಯದಲ್ಲಿ ಆಯೋಜಿಸಿದ್ದ ಪ್ರತಿಭಾ ಕಾರಂಜಿ ಹಾಗೂ ಕಲೋತ್ಸವ ಕಾರ್ಯಕ್ರಮವನ್ನು ಸಸಿಗೆ ನೀರು ಹಾಕುವುದರ ಮೂಲಕ ಉದ್ಘಾಟಿಸಿ ಮಾತನಾಡಿದ ವೆಂಕಟೇಶಂರವರು ಅವರು ಮಾತಾಡಿ ಇಲ್ಲಿ ಬಂದು ಇರುವಂತಹ ಎಲ್ಲಾ ಸುಂಕೇಶ್ವರಹಾಳ ವಲಯ ಮಟ್ಟದ ಮಕ್ಕಳು ನಿಮ್ಮ ನಿಮ್ಮ ಪ್ರತಿಭೆಗಳನ್ನು ಹೊರಹಾಕಬೇಕು ನೀವು ಇಲ್ಲಿ ಪ್ರಥಮ ಬಂದು ಕ್ಲಸ್ಟರ್ ಮಟ್ಟಕ್ಕೆ ಹಾಗೂ ಜಿಲ್ಲಾ ಮಟ್ಟಕ್ಕೆ ನಂತರ ರಾಜ್ಯ ಮಟ್ಟಕ್ಕೆ
ಆಯ್ಕೆ ಆಗಿ ಮುಂದಿನ ದಿನಗಳಲ್ಲಿ ನೀವು ಸಂಸ್ಕೃತಿ ರಂಗದಲ್ಲಿ ಬೆಳೆದು ದೊಡ್ಡವರಾಗಿ ಎನ್ನುತ್ತಾ, ಶರಣಪ್ಪ ಎಸ್.ಡಿ.ಎಂ.ಸಿ ಮಾತನಾಡಿ ಮಕ್ಕಳು ಎಲ್ಲರೂ ಚೆನ್ನಾಗಿ ಪ್ರತಿಯೊಂದು ರಂಗದಲ್ಲಿ ಭಾಗಿಯಾಗುವ ಮೂಲಕ ನಿಮ್ಮ ಪ್ರತಿಭೆಗಳನ್ನು ಹೊರತರುವ ವಿಶ್ವಕ್ಕೆ ವೇದಿಕೆ ಇದು ಎಂದೂ ಮಾತನಾಡುತ್ತಾ, ಗಿರಿಜಾ, ಅಂಬಣ್ಣ, ಶ್ರೀ ಶೈಲ, ಬಸನಗೌಡ, ಮಲ್ಲಯ್ಯ ಭಾಗವಹಿಸಿ ಸುಂಕೇಶ್ವರಹಾಳ ವಲಯದ ಸಿ.ಆರ್.ಪಿ ದೇವದುರ್ಗ ತಾಲ್ಲೂಕಿನ ಕ್ಷೈ ಸಂಸ್ಥೆಯ ಸಂಯೋಜಕರು ಇವರು ಎಲ್ಲಾ ಮಕ್ಕಳಿಗೂ ಪ್ರೇರಣೆಯ ಮಾತುಗಳನ್ನಾಡಿದರು. ಎಲ್ಲಾ ಮಕ್ಕಳು ತಮ್ಮ ಪ್ರತಿಭೆಯನ್ನು ಪ್ರದರ್ಶಿಸಿದರು ಅದರಲ್ಲಿ ಒಟ್ಟು 23 ಸ್ಪರ್ಧೆಯನ್ನು
ವಿಭಜಿಸಲಾಗಿತ್ತು ಅದರಲ್ಲಿ ಪ್ರಥಮ ಬಹುಮಾನವನ್ನು ಪಡೆದ ಭರತನಾಟ್ಯ ಫಸ್ಟ್ ಆಕ್ಸನ್ ಬಾದಿಗಾನ, ಭಕ್ತಿ ಗೀತೆ ಮೋಡಿಕ ಚಿತ್ರಕಲೆ ಸಾಗಿ ಕಂಠಪಾಠ ಅಭಿನಯ ಧರ್ಮವೇಷ ರೇಸ್ ಇನ್ನು ಮುಂತಾದ ಹಲವಾರು ಪ್ರಶಸ್ತಿಗಳನ್ನು ಪಡೆದ ಕೊಂಡು ಇದ್ದಾರೆ ಮಕ್ಕಳು. ಈ ಸಂದರ್ಭದಲ್ಲಿ ಭಾಗವಹಿಸಿದ ಮಹಾದೇವಮ್ಮ ಶಿವಪ್ಪ ಪೂಜಾರಿ ಪ್ರಕಾಶ್ ರಂಭೂಲಿಂಗ ಸುನಿಲ್ ಸಂಗಯ್ಯ ತಾತ ಶ್ರೀ ರಾಮ ಜೆ ದೇವಿದ್ದ ಇನ್ನು ಮುಂತಾದ ಸುಂಕೇಶ್ವರಹಾಳ ವಲಯ ಮಟ್ಟದ ಶಾಲೆಯ ಮುಖ್ಯ ಗುರುಗಳು ಹಾಗೂ ಸಹ ಶಿಕ್ಷಕರು ಮತ್ತು ಮಕ್ಕಳು ಇನ್ನು ಮುಂತಾದ ಹಲವಾರು ಜನರು ಭಾಗವಹಿಸಿದ್ದರು.
